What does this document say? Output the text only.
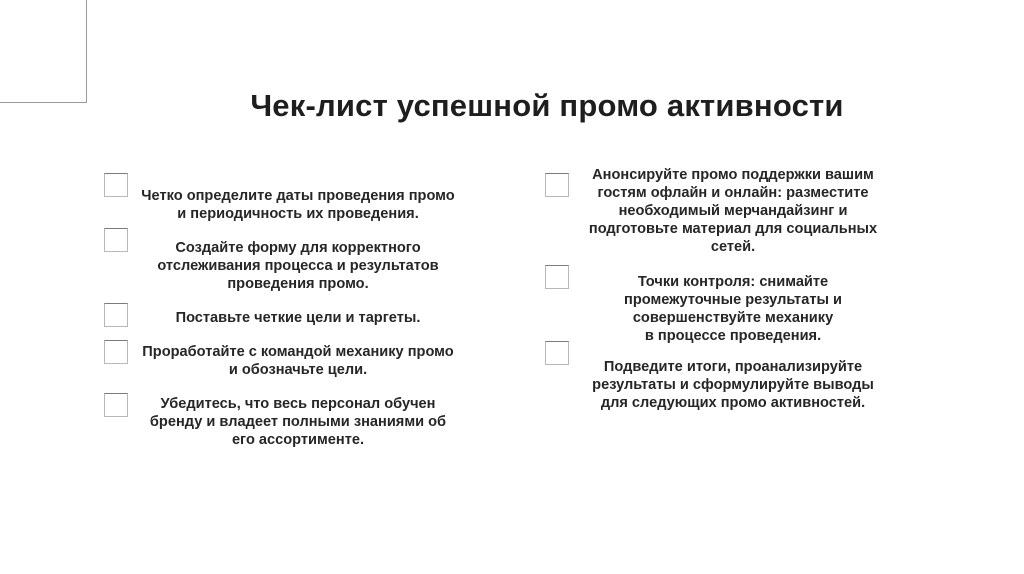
Чек-лист успешной промо активности
Четко определите даты проведения промо
и периодичность их проведения.
Создайте форму для корректного
отслеживания процесса и результатов
проведения промо.
Поставьте четкие цели и таргеты.
Проработайте с командой механику промо
и обозначьте цели.
Убедитесь, что весь персонал обучен
бренду и владеет полными знаниями об
его ассортименте.
Анонсируйте промо поддержки вашим
гостям офлайн и онлайн: разместите
необходимый мерчандайзинг и
подготовьте материал для социальных
сетей.
Точки контроля: снимайте
промежуточные результаты и
совершенствуйте механику
в процессе проведения.
Подведите итоги, проанализируйте
результаты и сформулируйте выводы
для следующих промо активностей.
